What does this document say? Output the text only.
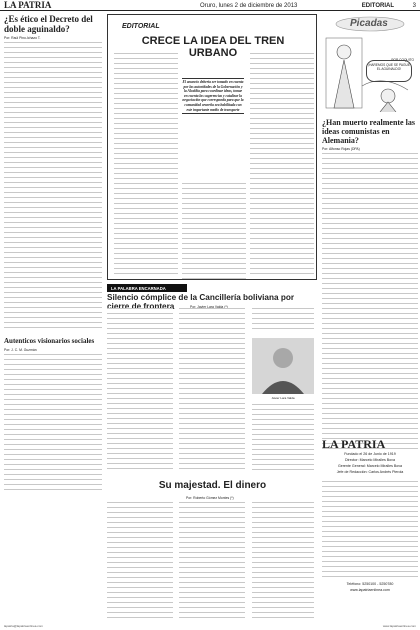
LA PATRIA	Oruro, lunes 2 de diciembre de 2013	EDITORIAL	3
¿Es ético el Decreto del doble aguinaldo?
Por: Raúl Pino-Ichazo T.
Autenticos visionarios sociales
Por: J. C. M. Guzmán
EDITORIAL
CRECE LA IDEA DEL TREN URBANO
El anuncio deberia ser tomado en cuenta por las autoridades de la Gobernación y la Alcaldía para coordinar ideas, tomar en cuenta las sugerencias y catalizar la negociación que corresponda para que la comunidad orureña sea habilitada con este importante medio de transporte
Picadas
POR COQUITO
¡HAREMOS QUE SE PAGUE EL AGUINALDO!
¿Han muerto realmente las ideas comunistas en Alemania?
Por: Alfonso Rojas (DPA)
LA PALABRA ENCARNADA
Silencio cómplice de la Cancillería boliviana por cierre de frontera	Por: Javier Lara Valda (*)
Javier Lara Valda
Su majestad. El dinero
Por: Roberto Gómez Montes (*)
LA PATRIA
Fundado el 26 de Junio de 1919
Director: Marcelo Miralles Bova
Gerente General: Marcelo Miralles Bova
Jefe de Redacción: Carlos Andrés Pierola
Teléfono: 5250100 - 5250780
www.lapatriaenlinea.com
lapatria@lapatriaenlinea.com	www.lapatriaenlinea.com
